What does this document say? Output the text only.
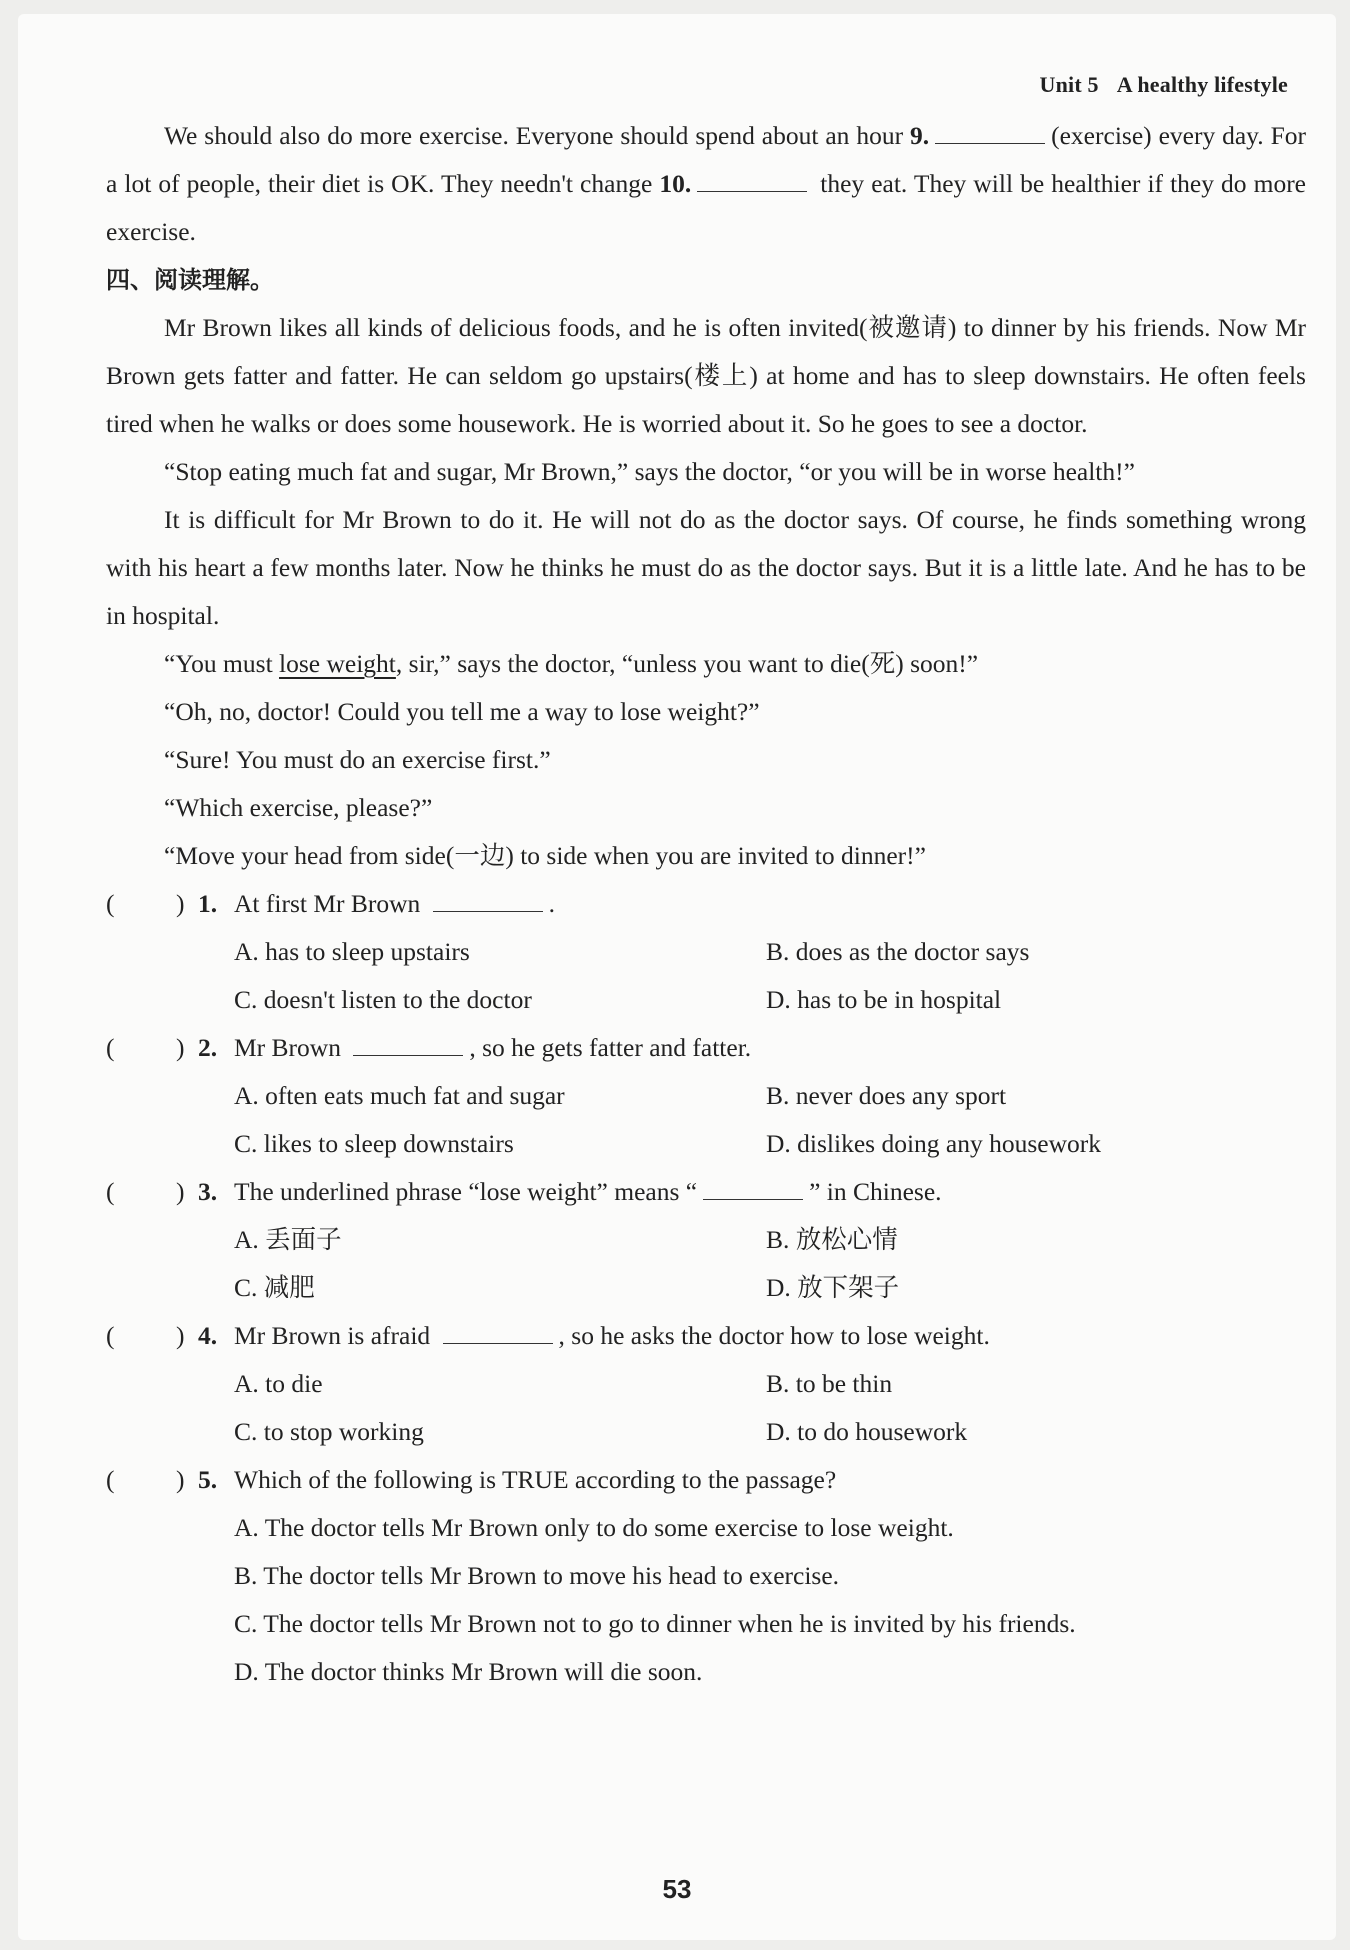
Unit 5 A healthy lifestyle

We should also do more exercise. Everyone should spend about an hour 9.	(exercise) every day. For a lot of people, their diet is OK. They needn't change 10.	they eat. They will be healthier if they do more exercise.

四、阅读理解。

Mr Brown likes all kinds of delicious foods, and he is often invited(被邀请) to dinner by his friends. Now Mr Brown gets fatter and fatter. He can seldom go upstairs(楼上) at home and has to sleep downstairs. He often feels tired when he walks or does some housework. He is worried about it. So he goes to see a doctor.

“Stop eating much fat and sugar, Mr Brown,” says the doctor, “or you will be in worse health!”

It is difficult for Mr Brown to do it. He will not do as the doctor says. Of course, he finds something wrong with his heart a few months later. Now he thinks he must do as the doctor says. But it is a little late. And he has to be in hospital.

“You must lose weight, sir,” says the doctor, “unless you want to die(死) soon!”

“Oh, no, doctor! Could you tell me a way to lose weight?”

“Sure! You must do an exercise first.”

“Which exercise, please?”

“Move your head from side(一边) to side when you are invited to dinner!”

( ) 1. At first Mr Brown	.
A. has to sleep upstairs	B. does as the doctor says
C. doesn't listen to the doctor	D. has to be in hospital
( ) 2. Mr Brown	, so he gets fatter and fatter.
A. often eats much fat and sugar	B. never does any sport
C. likes to sleep downstairs	D. dislikes doing any housework
( ) 3. The underlined phrase “lose weight” means “	” in Chinese.
A. 丢面子	B. 放松心情
C. 减肥	D. 放下架子
( ) 4. Mr Brown is afraid	, so he asks the doctor how to lose weight.
A. to die	B. to be thin
C. to stop working	D. to do housework
( ) 5. Which of the following is TRUE according to the passage?
A. The doctor tells Mr Brown only to do some exercise to lose weight.
B. The doctor tells Mr Brown to move his head to exercise.
C. The doctor tells Mr Brown not to go to dinner when he is invited by his friends.
D. The doctor thinks Mr Brown will die soon.
53
